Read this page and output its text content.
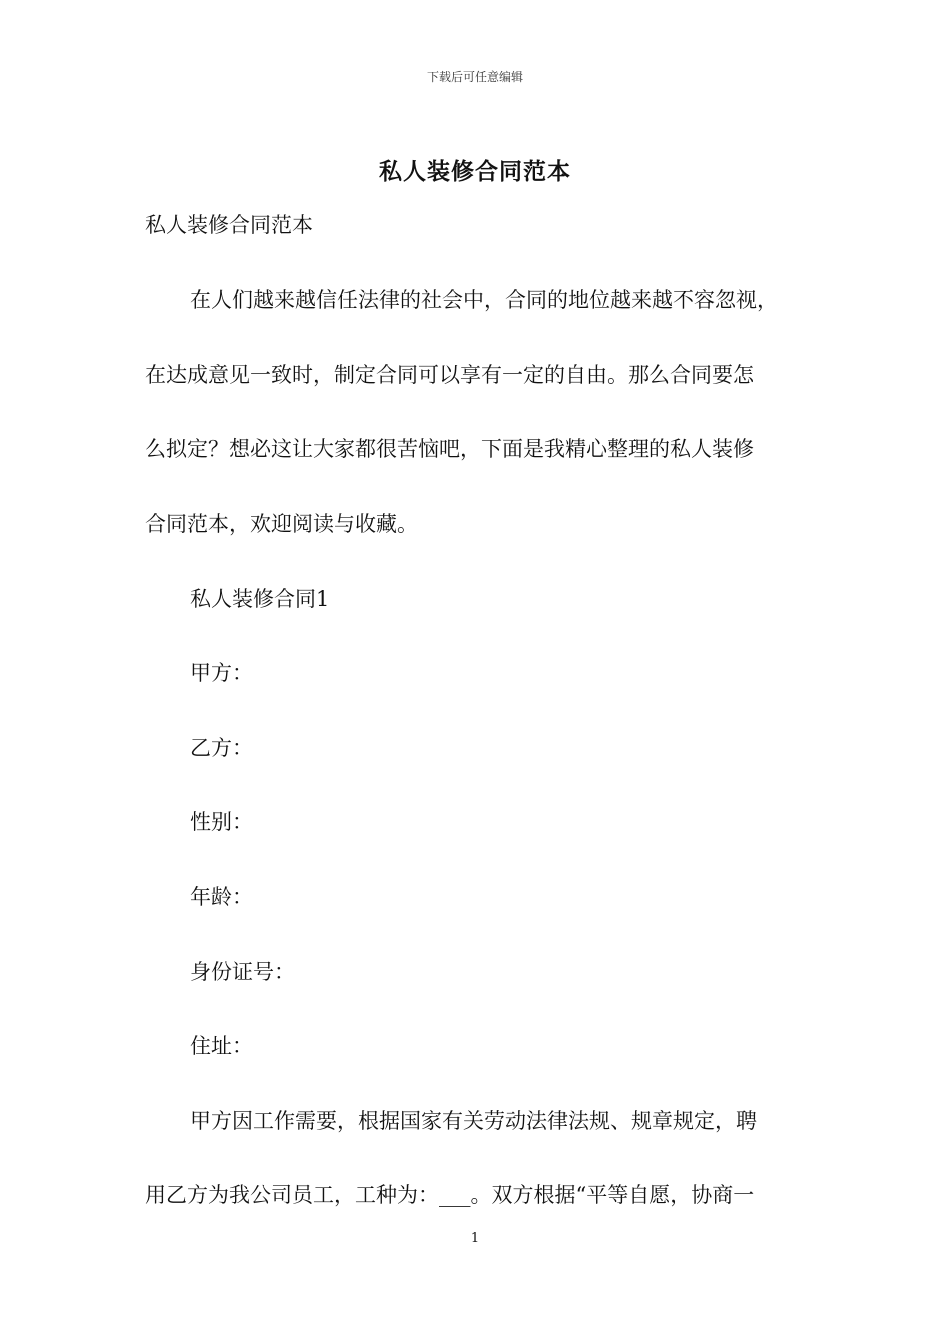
下载后可任意编辑
私人装修合同范本
私人装修合同范本
在人们越来越信任法律的社会中，合同的地位越来越不容忽视，
在达成意见一致时，制定合同可以享有一定的自由。那么合同要怎
么拟定？想必这让大家都很苦恼吧，下面是我精心整理的私人装修
合同范本，欢迎阅读与收藏。
私人装修合同1
甲方：
乙方：
性别：
年龄：
身份证号：
住址：
甲方因工作需要，根据国家有关劳动法律法规、规章规定，聘
用乙方为我公司员工，工种为：___。双方根据“平等自愿，协商一
1
